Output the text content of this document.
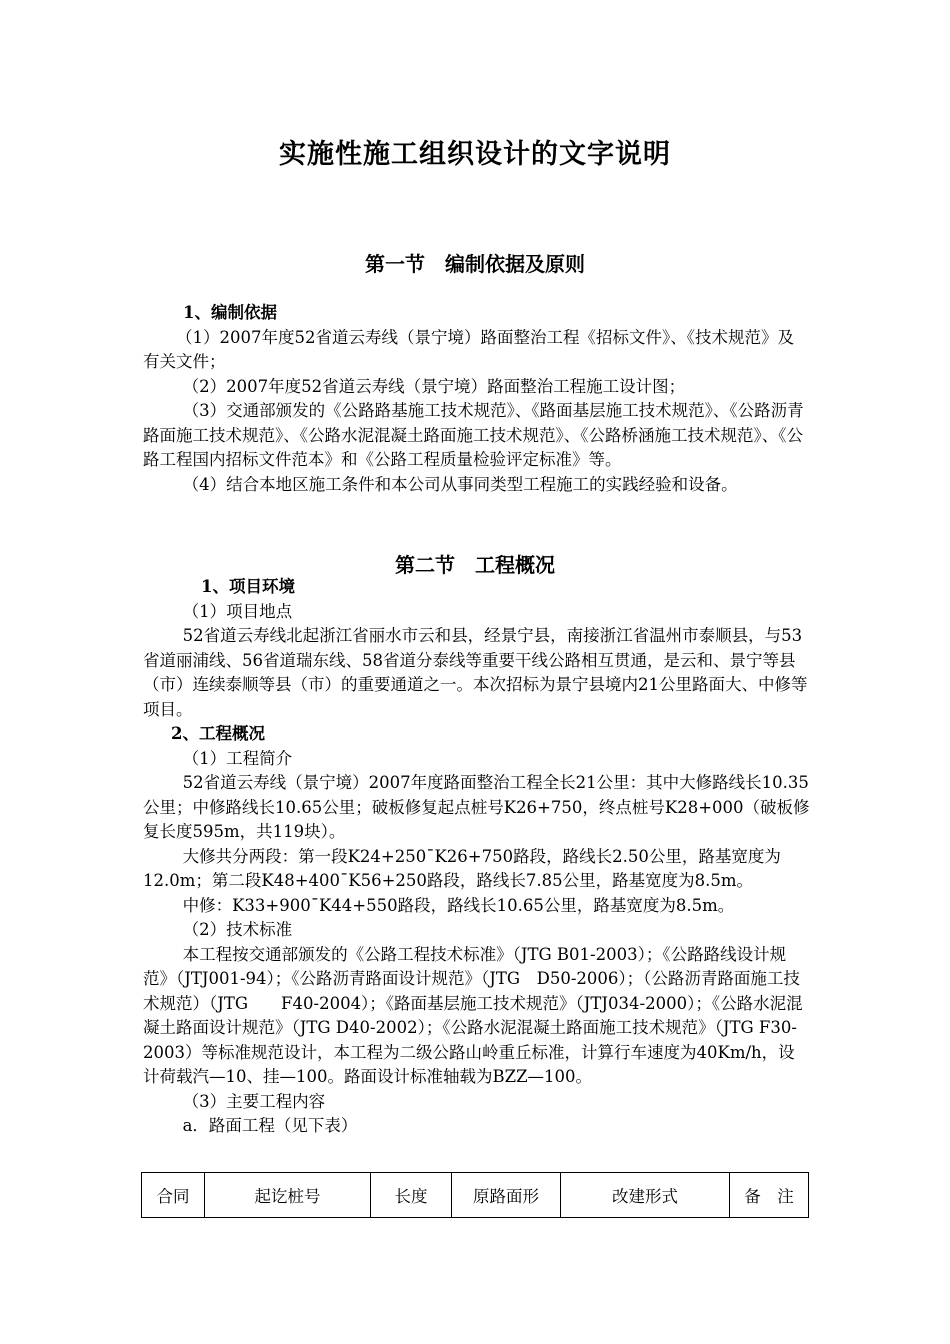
实施性施工组织设计的文字说明
第一节　编制依据及原则

1、编制依据

（1）2007年度52省道云寿线（景宁境）路面整治工程《招标文件》、《技术规范》及有关文件；

（2）2007年度52省道云寿线（景宁境）路面整治工程施工设计图；

（3）交通部颁发的《公路路基施工技术规范》、《路面基层施工技术规范》、《公路沥青路面施工技术规范》、《公路水泥混凝土路面施工技术规范》、《公路桥涵施工技术规范》、《公路工程国内招标文件范本》和《公路工程质量检验评定标准》等。

（4）结合本地区施工条件和本公司从事同类型工程施工的实践经验和设备。

第二节　工程概况

1、项目环境

（1）项目地点

52省道云寿线北起浙江省丽水市云和县，经景宁县，南接浙江省温州市泰顺县，与53省道丽浦线、56省道瑞东线、58省道分泰线等重要干线公路相互贯通，是云和、景宁等县（市）连续泰顺等县（市）的重要通道之一。本次招标为景宁县境内21公里路面大、中修等项目。

2、工程概况

（1）工程简介

52省道云寿线（景宁境）2007年度路面整治工程全长21公里：其中大修路线长10.35公里；中修路线长10.65公里；破板修复起点桩号K26+750，终点桩号K28+000（破板修复长度595m，共119块）。

大修共分两段：第一段K24+250¯K26+750路段，路线长2.50公里，路基宽度为12.0m；第二段K48+400¯K56+250路段，路线长7.85公里，路基宽度为8.5m。

中修：K33+900¯K44+550路段，路线长10.65公里，路基宽度为8.5m。

（2）技术标准

本工程按交通部颁发的《公路工程技术标准》（JTG B01-2003）；《公路路线设计规范》（JTJ001-94）；《公路沥青路面设计规范》（JTG　D50-2006）；（公路沥青路面施工技术规范）（JTG　　F40-2004）；《路面基层施工技术规范》（JTJ034-2000）；《公路水泥混凝土路面设计规范》（JTG D40-2002）；《公路水泥混凝土路面施工技术规范》（JTG F30-2003）等标准规范设计，本工程为二级公路山岭重丘标准，计算行车速度为40Km/h，设计荷载汽—10、挂—100。路面设计标准轴载为BZZ—100。

（3）主要工程内容

a．路面工程（见下表）

合同	起讫桩号	长度	原路面形	改建形式	备　注
